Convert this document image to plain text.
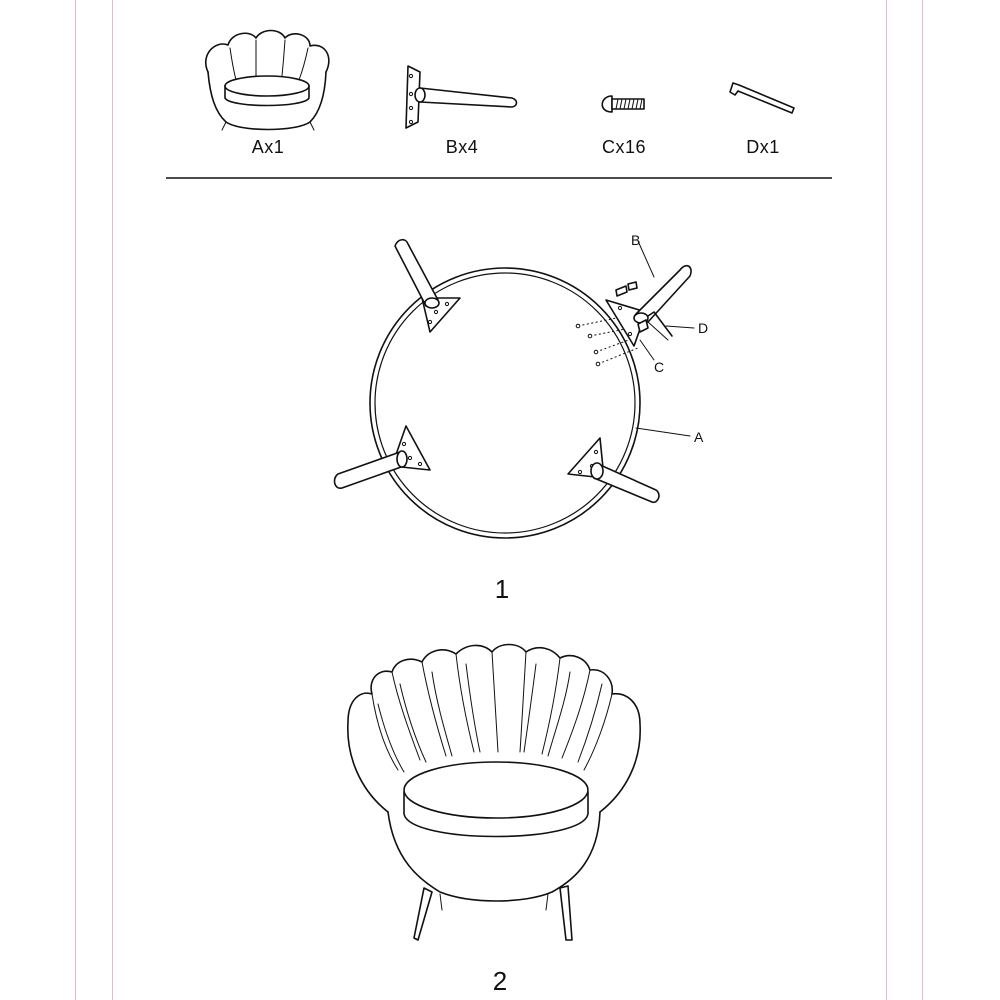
Ax1	Bx4	Cx16	Dx1
B
D
C
A
1
2
